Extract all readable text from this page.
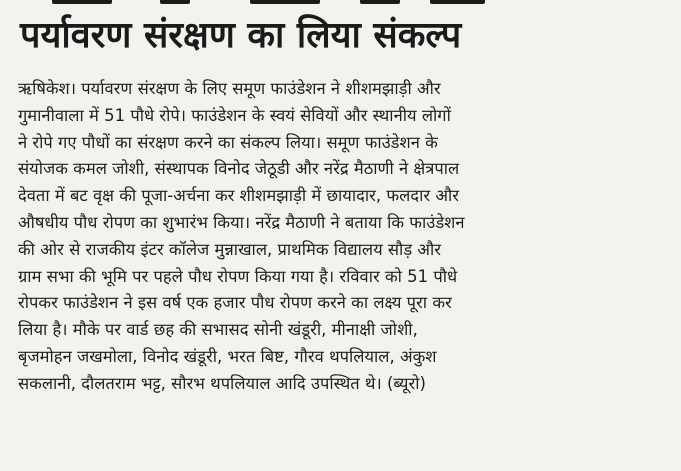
पर्यावरण संरक्षण का लिया संकल्प
ऋषिकेश। पर्यावरण संरक्षण के लिए समूण फाउंडेशन ने शीशमझाड़ी और
गुमानीवाला में 51 पौधे रोपे। फाउंडेशन के स्वयं सेवियों और स्थानीय लोगों
ने रोपे गए पौधों का संरक्षण करने का संकल्प लिया। समूण फाउंडेशन के
संयोजक कमल जोशी, संस्थापक विनोद जेठूडी और नरेंद्र मैठाणी ने क्षेत्रपाल
देवता में बट वृक्ष की पूजा-अर्चना कर शीशमझाड़ी में छायादार, फलदार और
औषधीय पौध रोपण का शुभारंभ किया। नरेंद्र मैठाणी ने बताया कि फाउंडेशन
की ओर से राजकीय इंटर कॉलेज मुन्नाखाल, प्राथमिक विद्यालय सौड़ और
ग्राम सभा की भूमि पर पहले पौध रोपण किया गया है। रविवार को 51 पौधे
रोपकर फाउंडेशन ने इस वर्ष एक हजार पौध रोपण करने का लक्ष्य पूरा कर
लिया है। मौके पर वार्ड छह की सभासद सोनी खंडूरी, मीनाक्षी जोशी,
बृजमोहन जखमोला, विनोद खंडूरी, भरत बिष्ट, गौरव थपलियाल, अंकुश
सकलानी, दौलतराम भट्ट, सौरभ थपलियाल आदि उपस्थित थे। (ब्यूरो)
